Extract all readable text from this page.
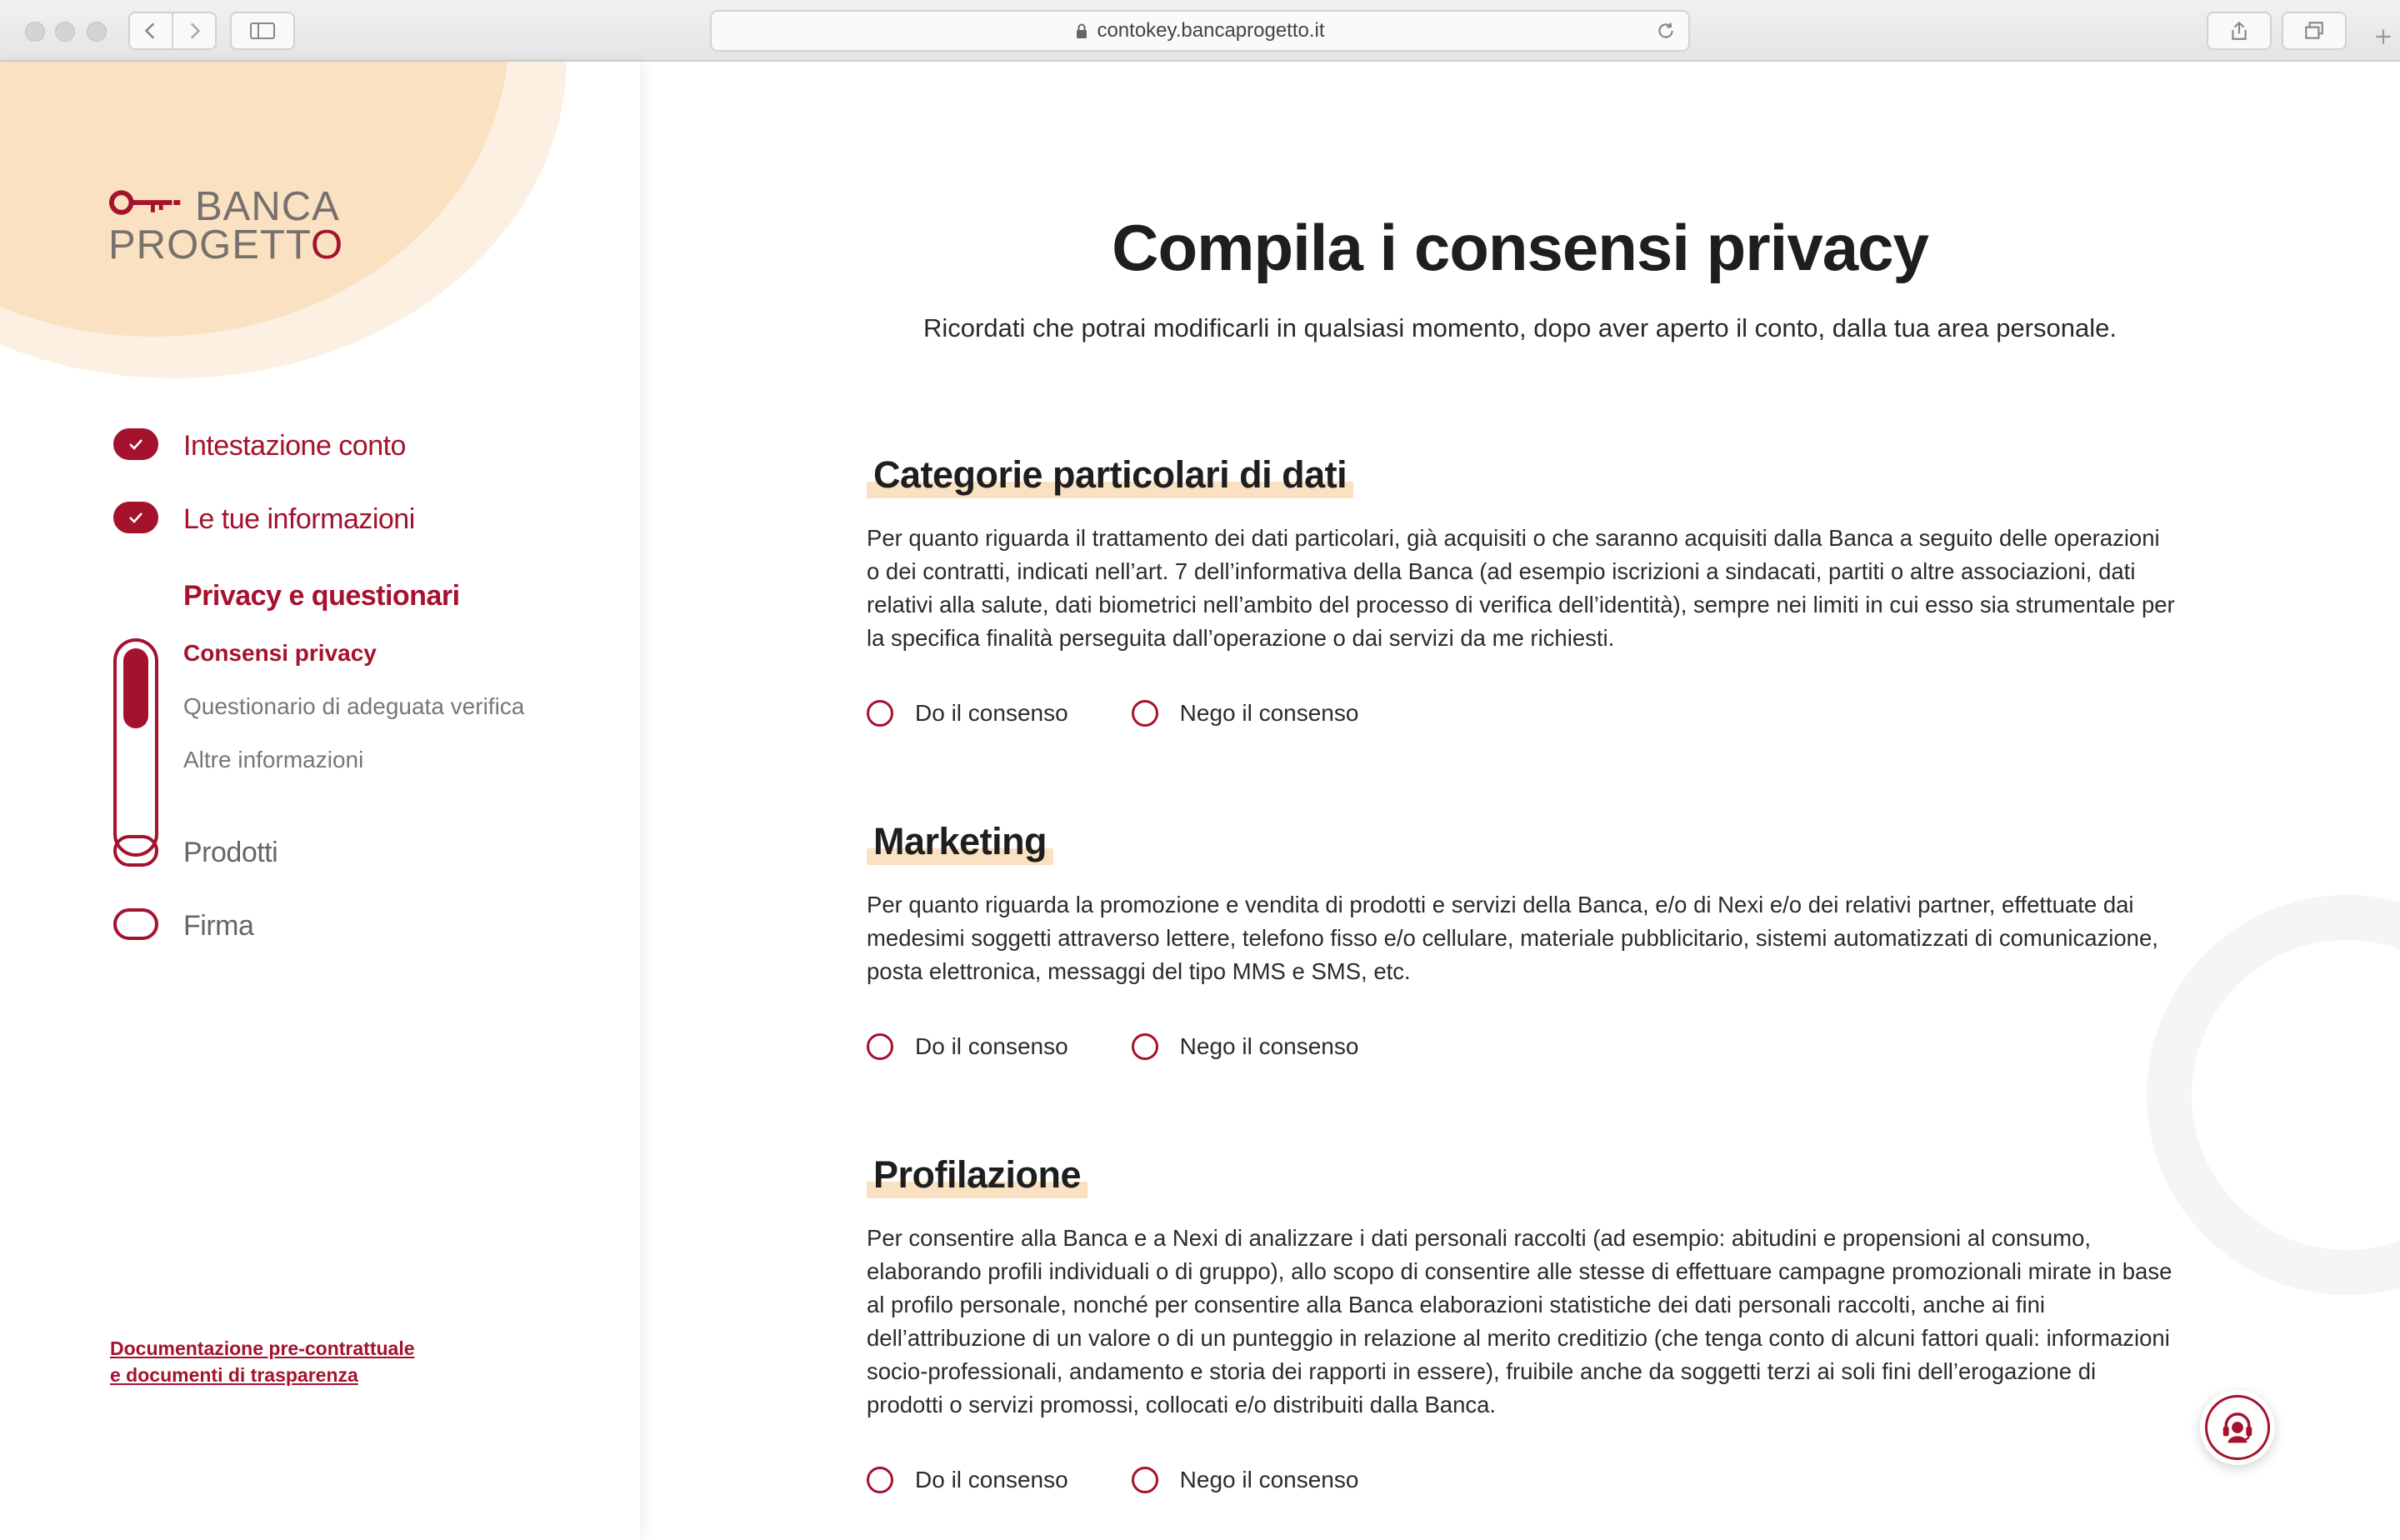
contokey.bancaprogetto.it
BANCA
PROGETTO
Intestazione conto
Le tue informazioni
Privacy e questionari
Consensi privacy
Questionario di adeguata verifica
Altre informazioni
Prodotti
Firma
Documentazione pre-contrattuale
e documenti di trasparenza
Compila i consensi privacy
Ricordati che potrai modificarli in qualsiasi momento, dopo aver aperto il conto, dalla tua area personale.
Categorie particolari di dati
Per quanto riguarda il trattamento dei dati particolari, già acquisiti o che saranno acquisiti dalla Banca a seguito delle operazioni o dei contratti, indicati nell’art. 7 dell’informativa della Banca (ad esempio iscrizioni a sindacati, partiti o altre associazioni, dati relativi alla salute, dati biometrici nell’ambito del processo di verifica dell’identità), sempre nei limiti in cui esso sia strumentale per la specifica finalità perseguita dall’operazione o dai servizi da me richiesti.
Do il consenso	Nego il consenso
Marketing
Per quanto riguarda la promozione e vendita di prodotti e servizi della Banca, e/o di Nexi e/o dei relativi partner, effettuate dai medesimi soggetti attraverso lettere, telefono fisso e/o cellulare, materiale pubblicitario, sistemi automatizzati di comunicazione, posta elettronica, messaggi del tipo MMS e SMS, etc.
Do il consenso	Nego il consenso
Profilazione
Per consentire alla Banca e a Nexi di analizzare i dati personali raccolti (ad esempio: abitudini e propensioni al consumo, elaborando profili individuali o di gruppo), allo scopo di consentire alle stesse di effettuare campagne promozionali mirate in base al profilo personale, nonché per consentire alla Banca elaborazioni statistiche dei dati personali raccolti, anche ai fini dell’attribuzione di un valore o di un punteggio in relazione al merito creditizio (che tenga conto di alcuni fattori quali: informazioni socio-professionali, andamento e storia dei rapporti in essere), fruibile anche da soggetti terzi ai soli fini dell’erogazione di prodotti o servizi promossi, collocati e/o distribuiti dalla Banca.
Do il consenso	Nego il consenso
